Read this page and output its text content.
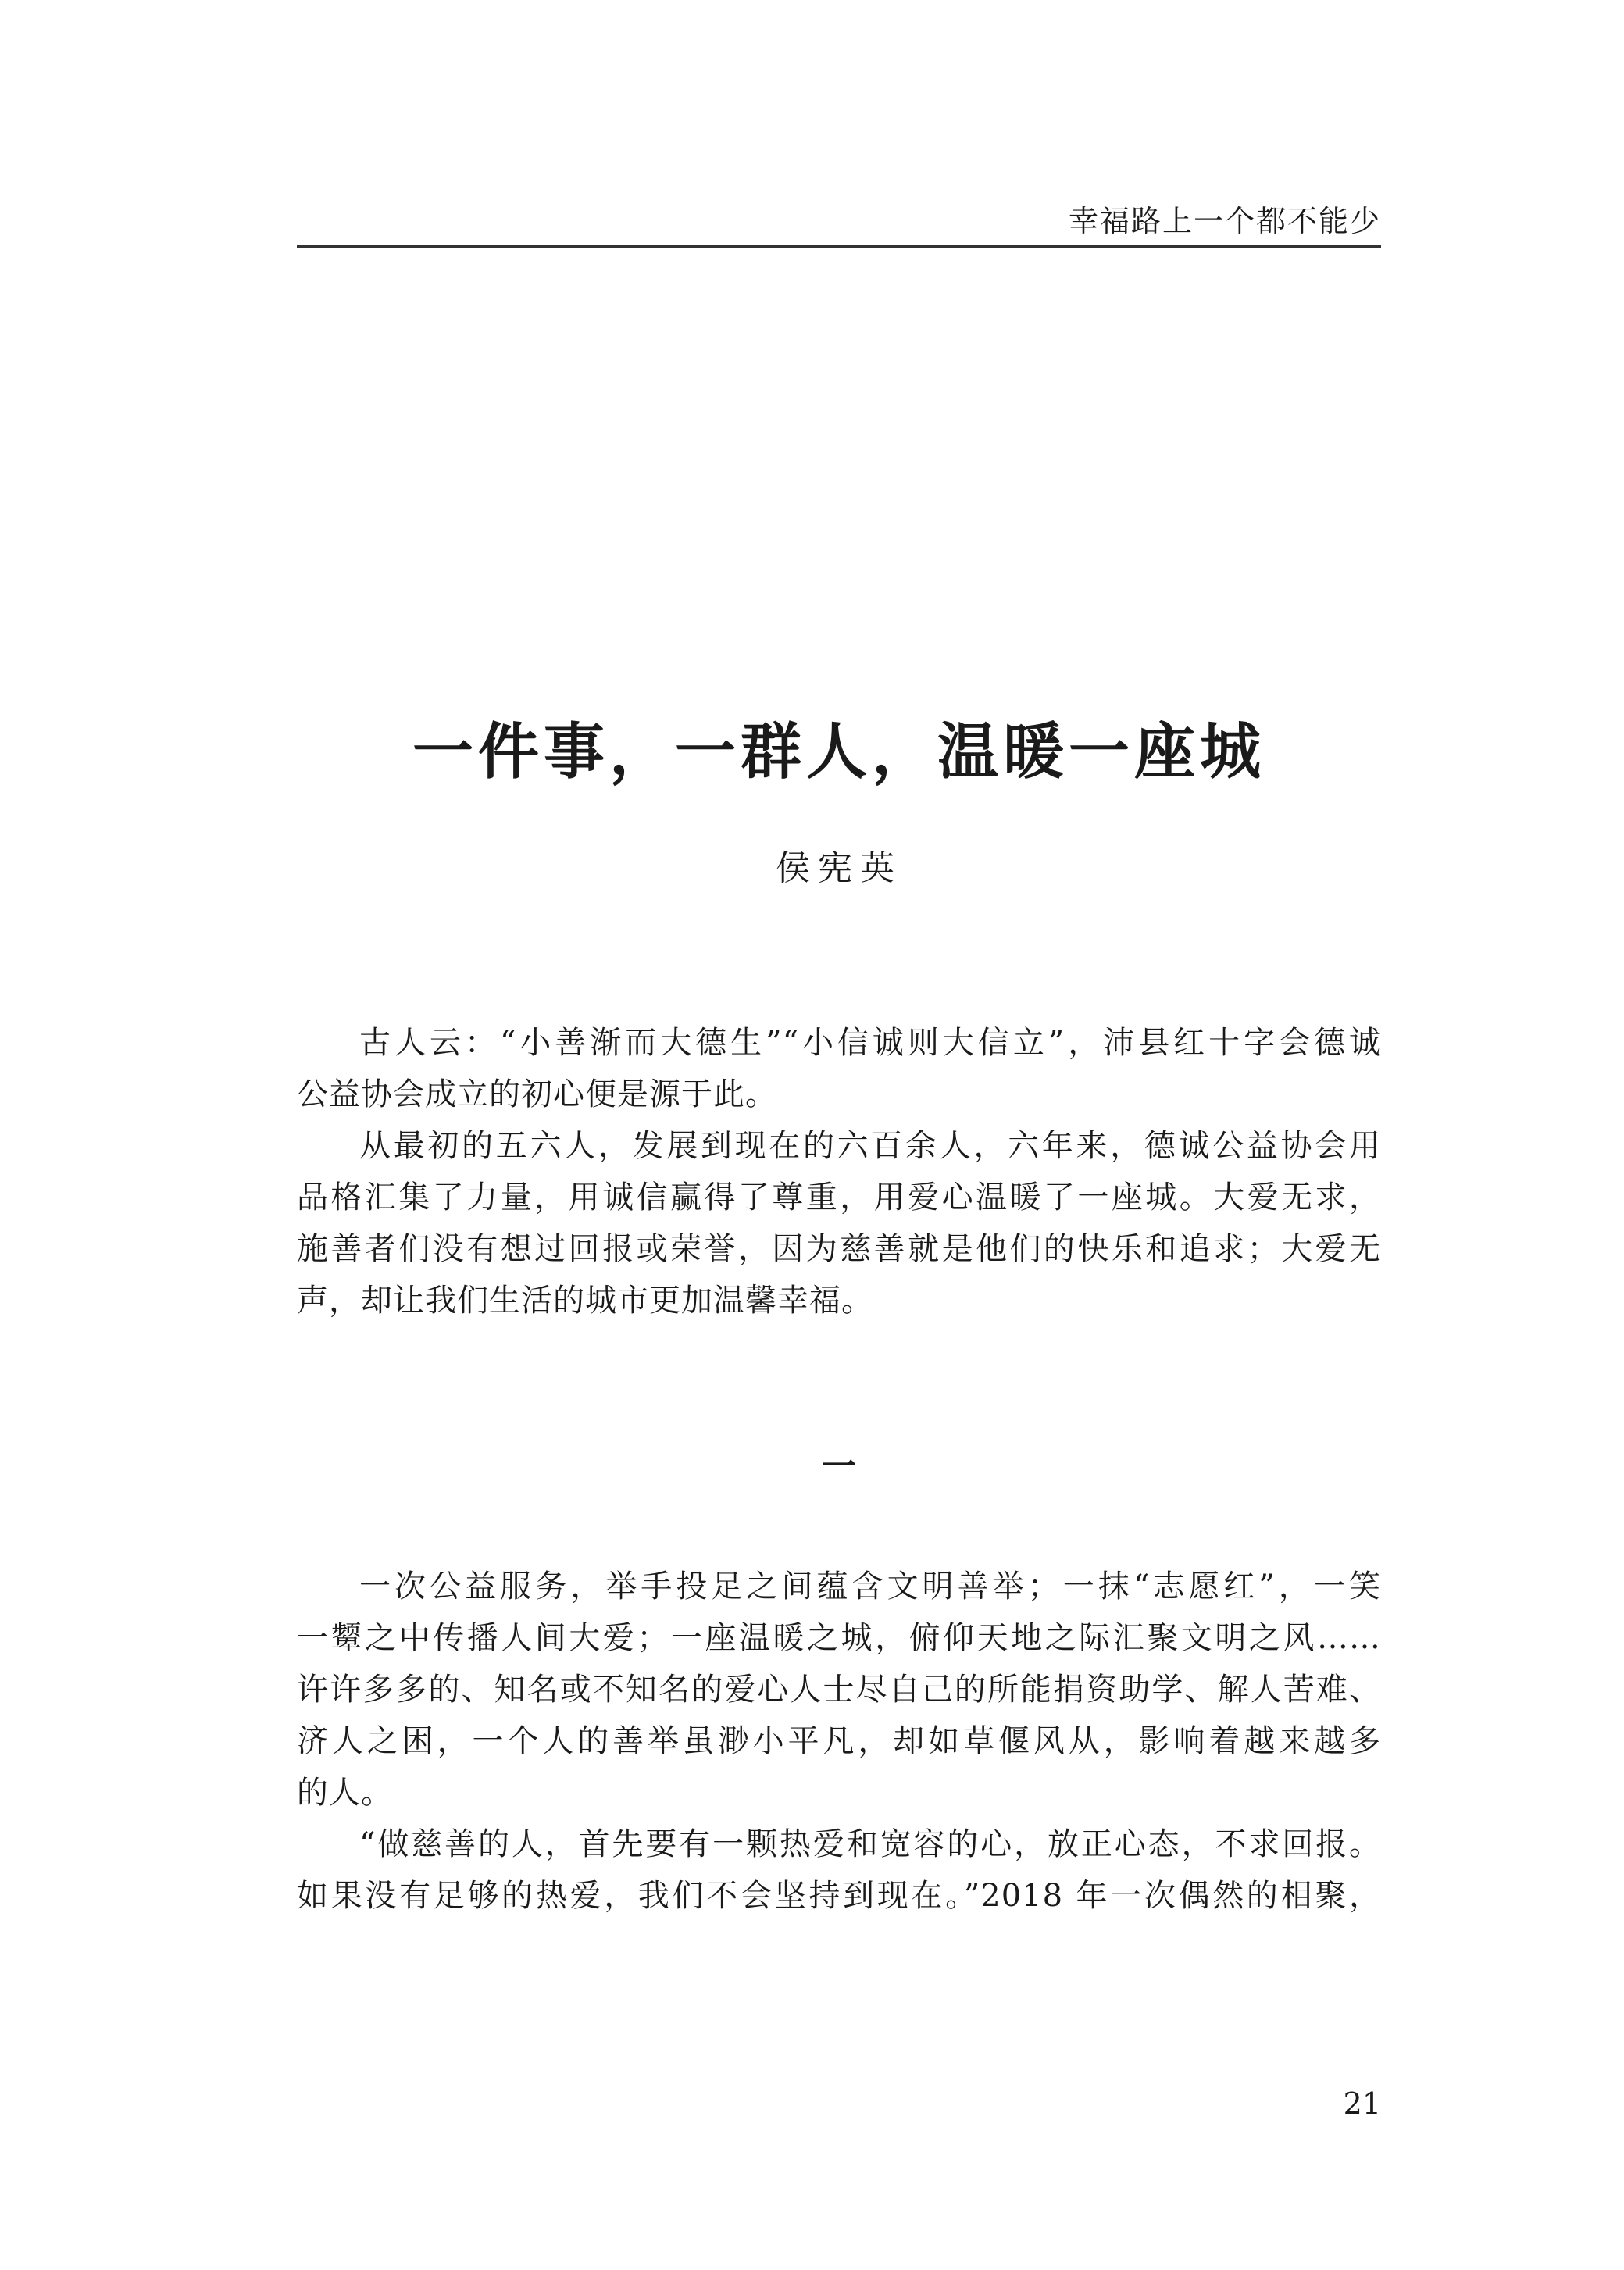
幸福路上一个都不能少
一件事，一群人，温暖一座城
侯宪英

古人云：“小善渐而大德生”“小信诚则大信立”，沛县红十字会德诚
公益协会成立的初心便是源于此。

从最初的五六人，发展到现在的六百余人，六年来，德诚公益协会用
品格汇集了力量，用诚信赢得了尊重，用爱心温暖了一座城。大爱无求，
施善者们没有想过回报或荣誉，因为慈善就是他们的快乐和追求；大爱无
声，却让我们生活的城市更加温馨幸福。

一

一次公益服务，举手投足之间蕴含文明善举；一抹“志愿红”，一笑
一颦之中传播人间大爱；一座温暖之城，俯仰天地之际汇聚文明之风……
许许多多的、知名或不知名的爱心人士尽自己的所能捐资助学、解人苦难、
济人之困，一个人的善举虽渺小平凡，却如草偃风从，影响着越来越多
的人。

“做慈善的人，首先要有一颗热爱和宽容的心，放正心态，不求回报。
如果没有足够的热爱，我们不会坚持到现在。”2018 年一次偶然的相聚，

21
